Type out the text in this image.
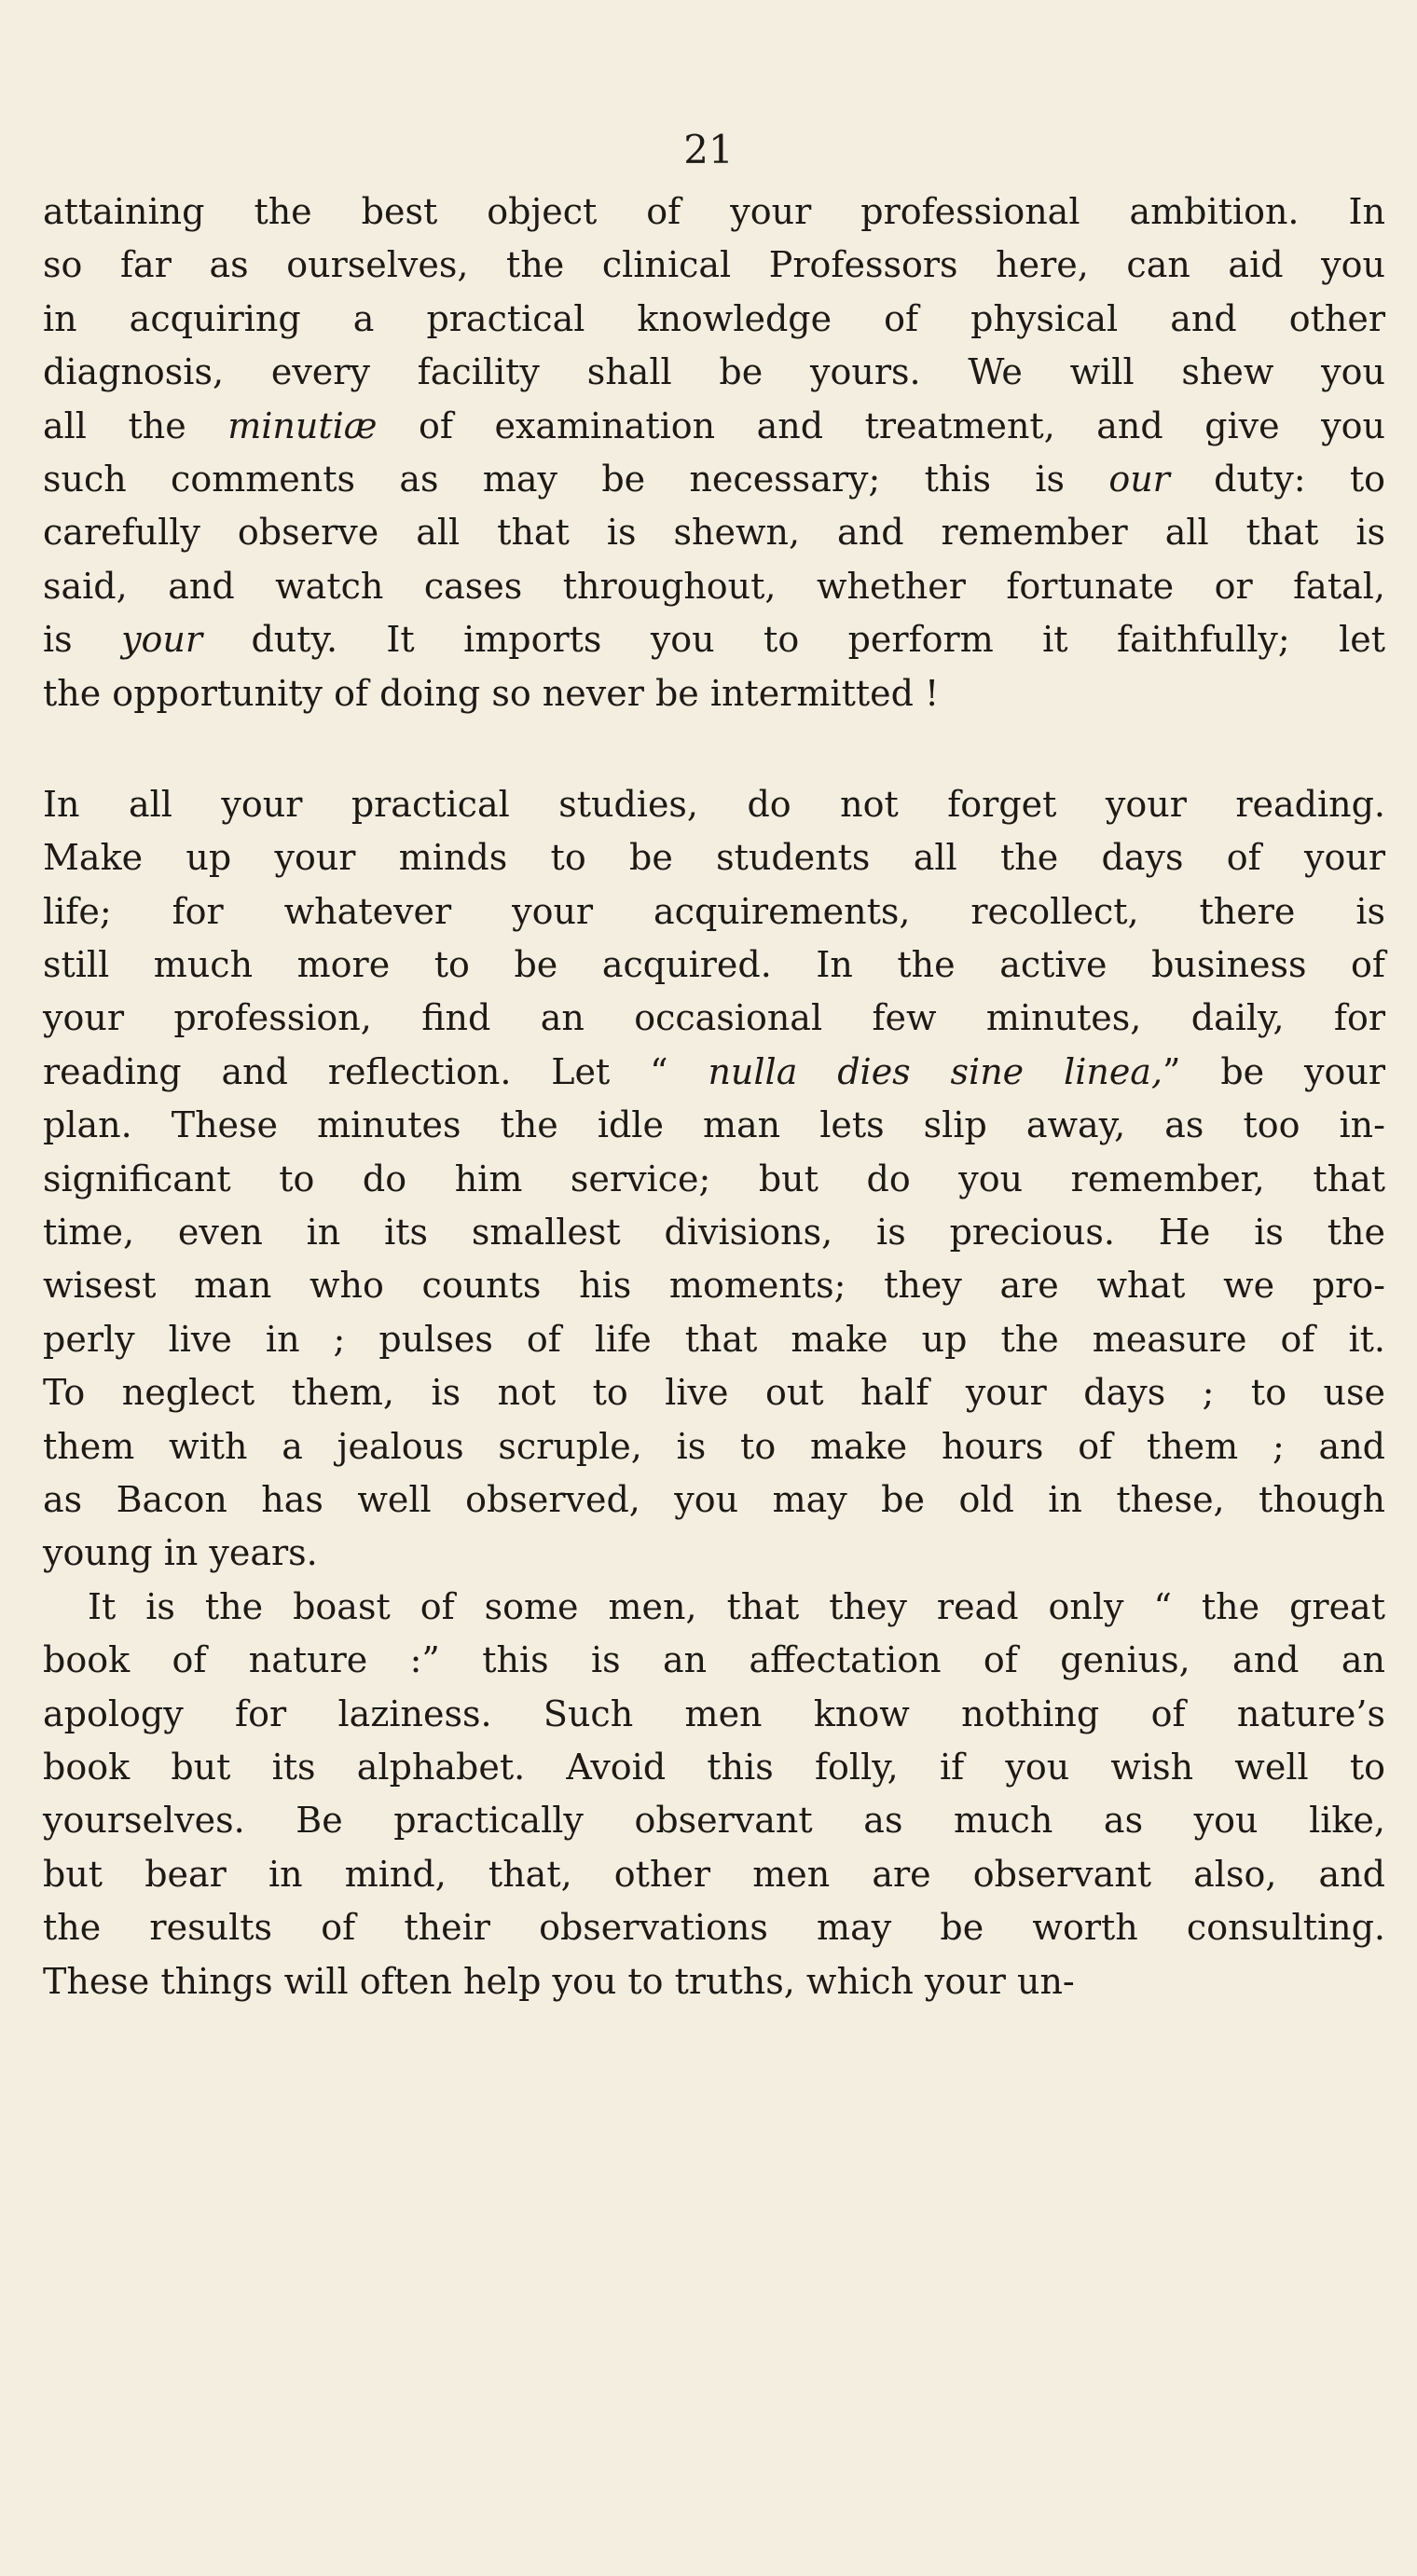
21
attaining the best object of your professional ambition. In
so far as ourselves, the clinical Professors here, can aid you
in acquiring a practical knowledge of physical and other
diagnosis, every facility shall be yours. We will shew you
all the minutiæ of examination and treatment, and give you
such comments as may be necessary; this is our duty: to
carefully observe all that is shewn, and remember all that is
said, and watch cases throughout, whether fortunate or fatal,
is your duty. It imports you to perform it faithfully; let
the opportunity of doing so never be intermitted !
In all your practical studies, do not forget your reading.
Make up your minds to be students all the days of your
life; for whatever your acquirements, recollect, there is
still much more to be acquired. In the active business of
your profession, find an occasional few minutes, daily, for
reading and reflection. Let “ nulla dies sine linea,” be your
plan. These minutes the idle man lets slip away, as too in-
significant to do him service; but do you remember, that
time, even in its smallest divisions, is precious. He is the
wisest man who counts his moments; they are what we pro-
perly live in ; pulses of life that make up the measure of it.
To neglect them, is not to live out half your days ; to use
them with a jealous scruple, is to make hours of them ; and
as Bacon has well observed, you may be old in these, though
young in years.
It is the boast of some men, that they read only “ the great
book of nature :” this is an affectation of genius, and an
apology for laziness. Such men know nothing of nature’s
book but its alphabet. Avoid this folly, if you wish well to
yourselves. Be practically observant as much as you like,
but bear in mind, that, other men are observant also, and
the results of their observations may be worth consulting.
These things will often help you to truths, which your un-
